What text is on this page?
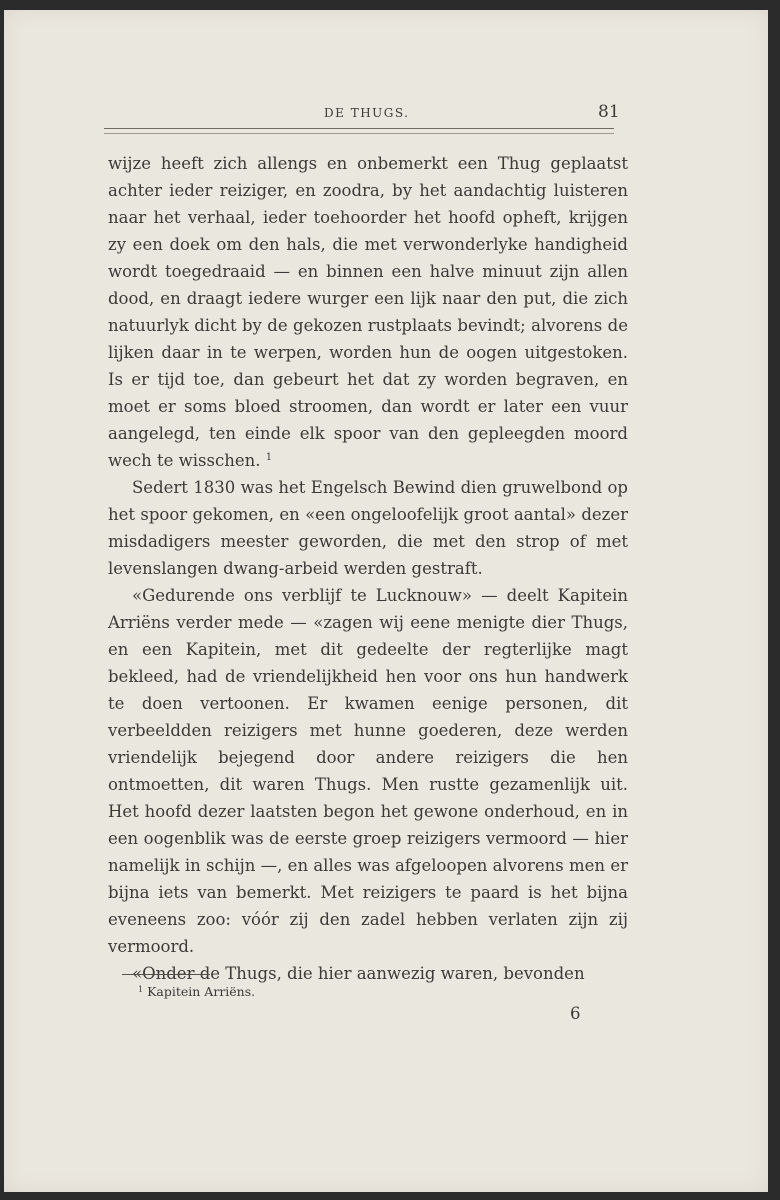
DE THUGS.	81

wijze heeft zich allengs en onbemerkt een Thug geplaatst achter ieder reiziger, en zoodra, by het aandachtig luisteren naar het verhaal, ieder toehoorder het hoofd opheft, krijgen zy een doek om den hals, die met verwonderlyke handigheid wordt toegedraaid — en binnen een halve minuut zijn allen dood, en draagt iedere wurger een lijk naar den put, die zich natuurlyk dicht by de gekozen rustplaats bevindt; alvorens de lijken daar in te werpen, worden hun de oogen uitgestoken. Is er tijd toe, dan gebeurt het dat zy worden begraven, en moet er soms bloed stroomen, dan wordt er later een vuur aangelegd, ten einde elk spoor van den gepleegden moord wech te wisschen. $^1$

Sedert 1830 was het Engelsch Bewind dien gruwelbond op het spoor gekomen, en «een ongeloofelijk groot aantal» dezer misdadigers meester geworden, die met den strop of met levenslangen dwang-arbeid werden gestraft.

«Gedurende ons verblijf te Lucknouw» — deelt Kapitein Arriëns verder mede — «zagen wij eene menigte dier Thugs, en een Kapitein, met dit gedeelte der regterlijke magt bekleed, had de vriendelijkheid hen voor ons hun handwerk te doen vertoonen. Er kwamen eenige personen, dit verbeeldden reizigers met hunne goederen, deze werden vriendelijk bejegend door andere reizigers die hen ontmoetten, dit waren Thugs. Men rustte gezamenlijk uit. Het hoofd dezer laatsten begon het gewone onderhoud, en in een oogenblik was de eerste groep reizigers vermoord — hier namelijk in schijn —, en alles was afgeloopen alvorens men er bijna iets van bemerkt. Met reizigers te paard is het bijna eveneens zoo: vóór zij den zadel hebben verlaten zijn zij vermoord.

«Onder de Thugs, die hier aanwezig waren, bevonden

$^1$ Kapitein Arriëns.
6
